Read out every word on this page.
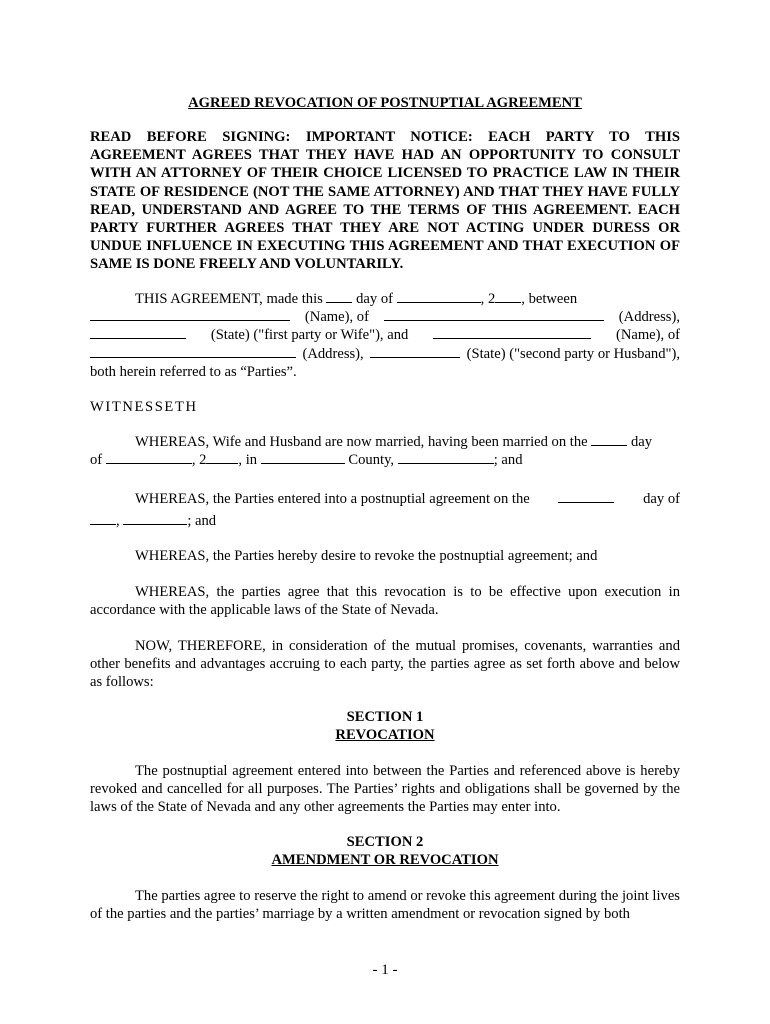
AGREED REVOCATION OF POSTNUPTIAL AGREEMENT
READ BEFORE SIGNING: IMPORTANT NOTICE: EACH PARTY TO THIS AGREEMENT AGREES THAT THEY HAVE HAD AN OPPORTUNITY TO CONSULT WITH AN ATTORNEY OF THEIR CHOICE LICENSED TO PRACTICE LAW IN THEIR STATE OF RESIDENCE (NOT THE SAME ATTORNEY) AND THAT THEY HAVE FULLY READ, UNDERSTAND AND AGREE TO THE TERMS OF THIS AGREEMENT. EACH PARTY FURTHER AGREES THAT THEY ARE NOT ACTING UNDER DURESS OR UNDUE INFLUENCE IN EXECUTING THIS AGREEMENT AND THAT EXECUTION OF SAME IS DONE FREELY AND VOLUNTARILY.
THIS AGREEMENT, made this day of	, 2 , between
(Name), of	(Address),
(State) ("first party or Wife"), and	(Name), of
(Address),	(State) ("second party or Husband"),
both herein referred to as “Parties”.
WITNESSETH
WHEREAS, Wife and Husband are now married, having been married on the	day
of	, 2 , in	County,	; and
WHEREAS, the Parties entered into a postnuptial agreement on the	day of
,	; and
WHEREAS, the Parties hereby desire to revoke the postnuptial agreement; and
WHEREAS, the parties agree that this revocation is to be effective upon execution in accordance with the applicable laws of the State of Nevada.
NOW, THEREFORE, in consideration of the mutual promises, covenants, warranties and other benefits and advantages accruing to each party, the parties agree as set forth above and below as follows:
SECTION 1
REVOCATION
The postnuptial agreement entered into between the Parties and referenced above is hereby revoked and cancelled for all purposes. The Parties’ rights and obligations shall be governed by the laws of the State of Nevada and any other agreements the Parties may enter into.
SECTION 2
AMENDMENT OR REVOCATION
The parties agree to reserve the right to amend or revoke this agreement during the joint lives of the parties and the parties’ marriage by a written amendment or revocation signed by both
- 1 -
